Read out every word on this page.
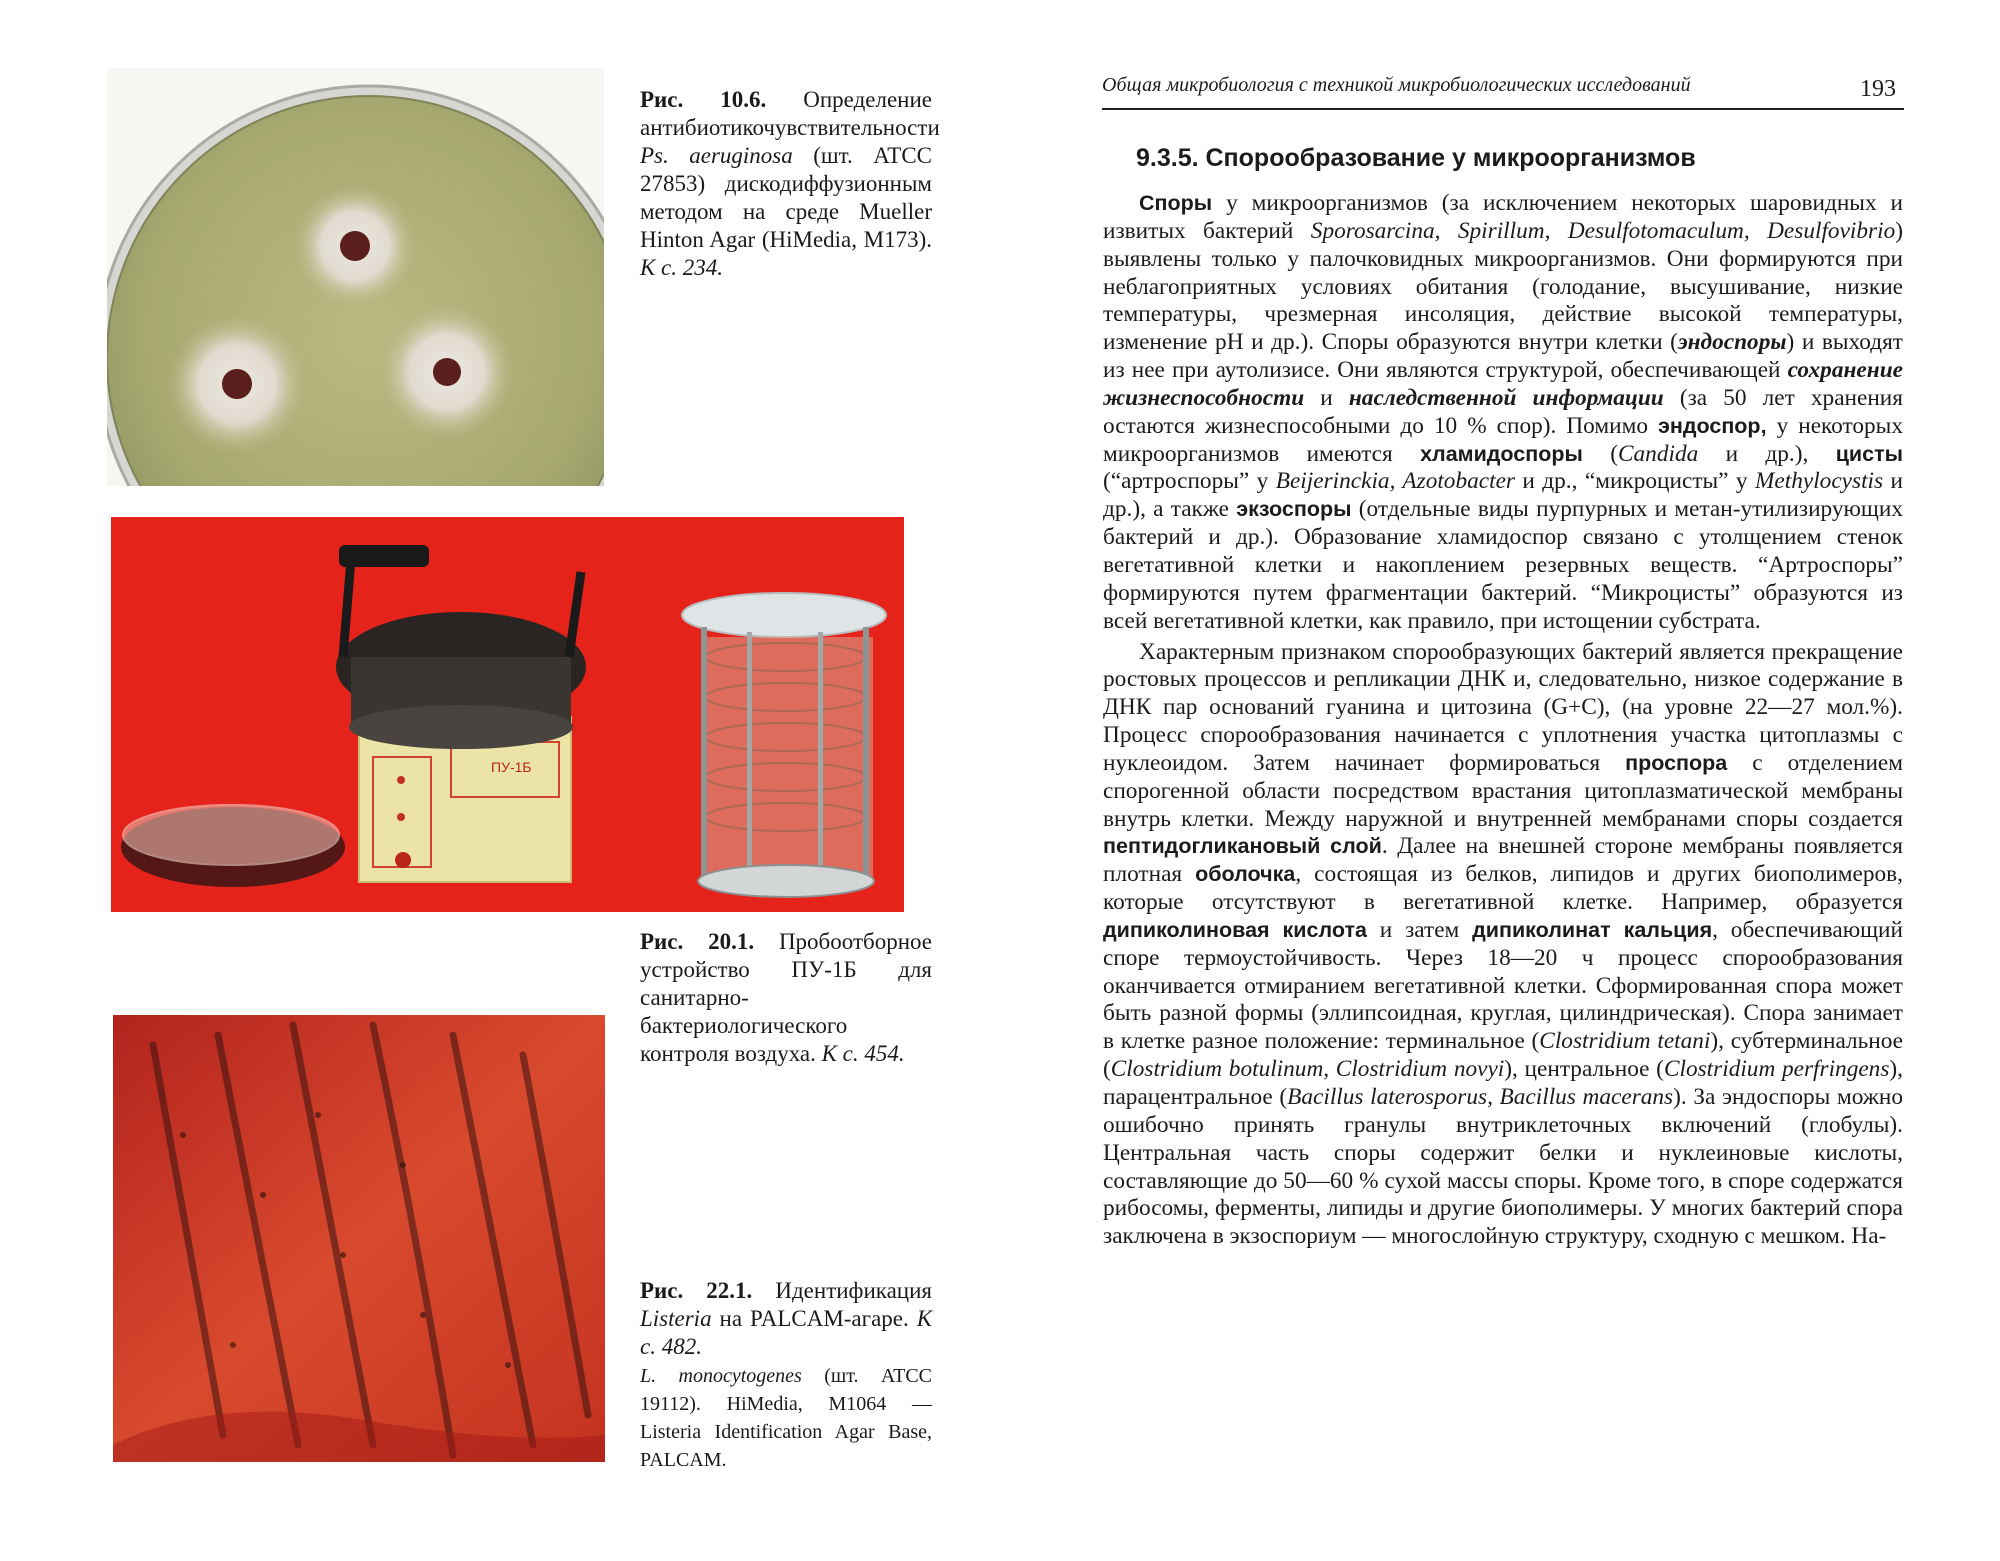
Рис. 10.6. Определение антибиотикочувствительности Ps. aeruginosa (шт. ATCC 27853) дискодиффузионным методом на среде Mueller Hinton Agar (HiMedia, M173). К с. 234.
ПУ-1Б
Рис. 20.1. Пробоотборное устройство ПУ-1Б для санитарно-бактериологического контроля воздуха. К с. 454.
Рис. 22.1. Идентификация Listeria на PALCAM-агаре. К с. 482.
L. monocytogenes (шт. ATCC 19112). HiMedia, M1064 — Listeria Identification Agar Base, PALCAM.
Общая микробиология с техникой микробиологических исследований	193
9.3.5. Спорообразование у микроорганизмов

Споры у микроорганизмов (за исключением некоторых шаровидных и извитых бактерий Sporosarcina, Spirillum, Desulfotomaculum, Desulfovibrio) выявлены только у палочковидных микроорганизмов. Они формируются при неблагоприятных условиях обитания (голодание, высушивание, низкие температуры, чрезмерная инсоляция, действие высокой температуры, изменение pH и др.). Споры образуются внутри клетки (эндоспоры) и выходят из нее при аутолизисе. Они являются структурой, обеспечивающей сохранение жизнеспособности и наследственной информации (за 50 лет хранения остаются жизнеспособными до 10 % спор). Помимо эндоспор, у некоторых микроорганизмов имеются хламидоспоры (Candida и др.), цисты (“артроспоры” у Beijerinckia, Azotobacter и др., “микроцисты” у Methylocystis и др.), а также экзоспоры (отдельные виды пурпурных и метан-утилизирующих бактерий и др.). Образование хламидоспор связано с утолщением стенок вегетативной клетки и накоплением резервных веществ. “Артроспоры” формируются путем фрагментации бактерий. “Микроцисты” образуются из всей вегетативной клетки, как правило, при истощении субстрата.

Характерным признаком спорообразующих бактерий является прекращение ростовых процессов и репликации ДНК и, следовательно, низкое содержание в ДНК пар оснований гуанина и цитозина (G+C), (на уровне 22—27 мол.%). Процесс спорообразования начинается с уплотнения участка цитоплазмы с нуклеоидом. Затем начинает формироваться проспора с отделением спорогенной области посредством врастания цитоплазматической мембраны внутрь клетки. Между наружной и внутренней мембранами споры создается пептидогликановый слой. Далее на внешней стороне мембраны появляется плотная оболочка, состоящая из белков, липидов и других биополимеров, которые отсутствуют в вегетативной клетке. Например, образуется дипиколиновая кислота и затем дипиколинат кальция, обеспечивающий споре термоустойчивость. Через 18—20 ч процесс спорообразования оканчивается отмиранием вегетативной клетки. Сформированная спора может быть разной формы (эллипсоидная, круглая, цилиндрическая). Спора занимает в клетке разное положение: терминальное (Clostridium tetani), субтерминальное (Clostridium botulinum, Clostridium novyi), центральное (Clostridium perfringens), парацентральное (Bacillus laterosporus, Bacillus macerans). За эндоспоры можно ошибочно принять гранулы внутриклеточных включений (глобулы). Центральная часть споры содержит белки и нуклеиновые кислоты, составляющие до 50—60 % сухой массы споры. Кроме того, в споре содержатся рибосомы, ферменты, липиды и другие биополимеры. У многих бактерий спора заключена в экзоспориум — многослойную структуру, сходную с мешком. На-
